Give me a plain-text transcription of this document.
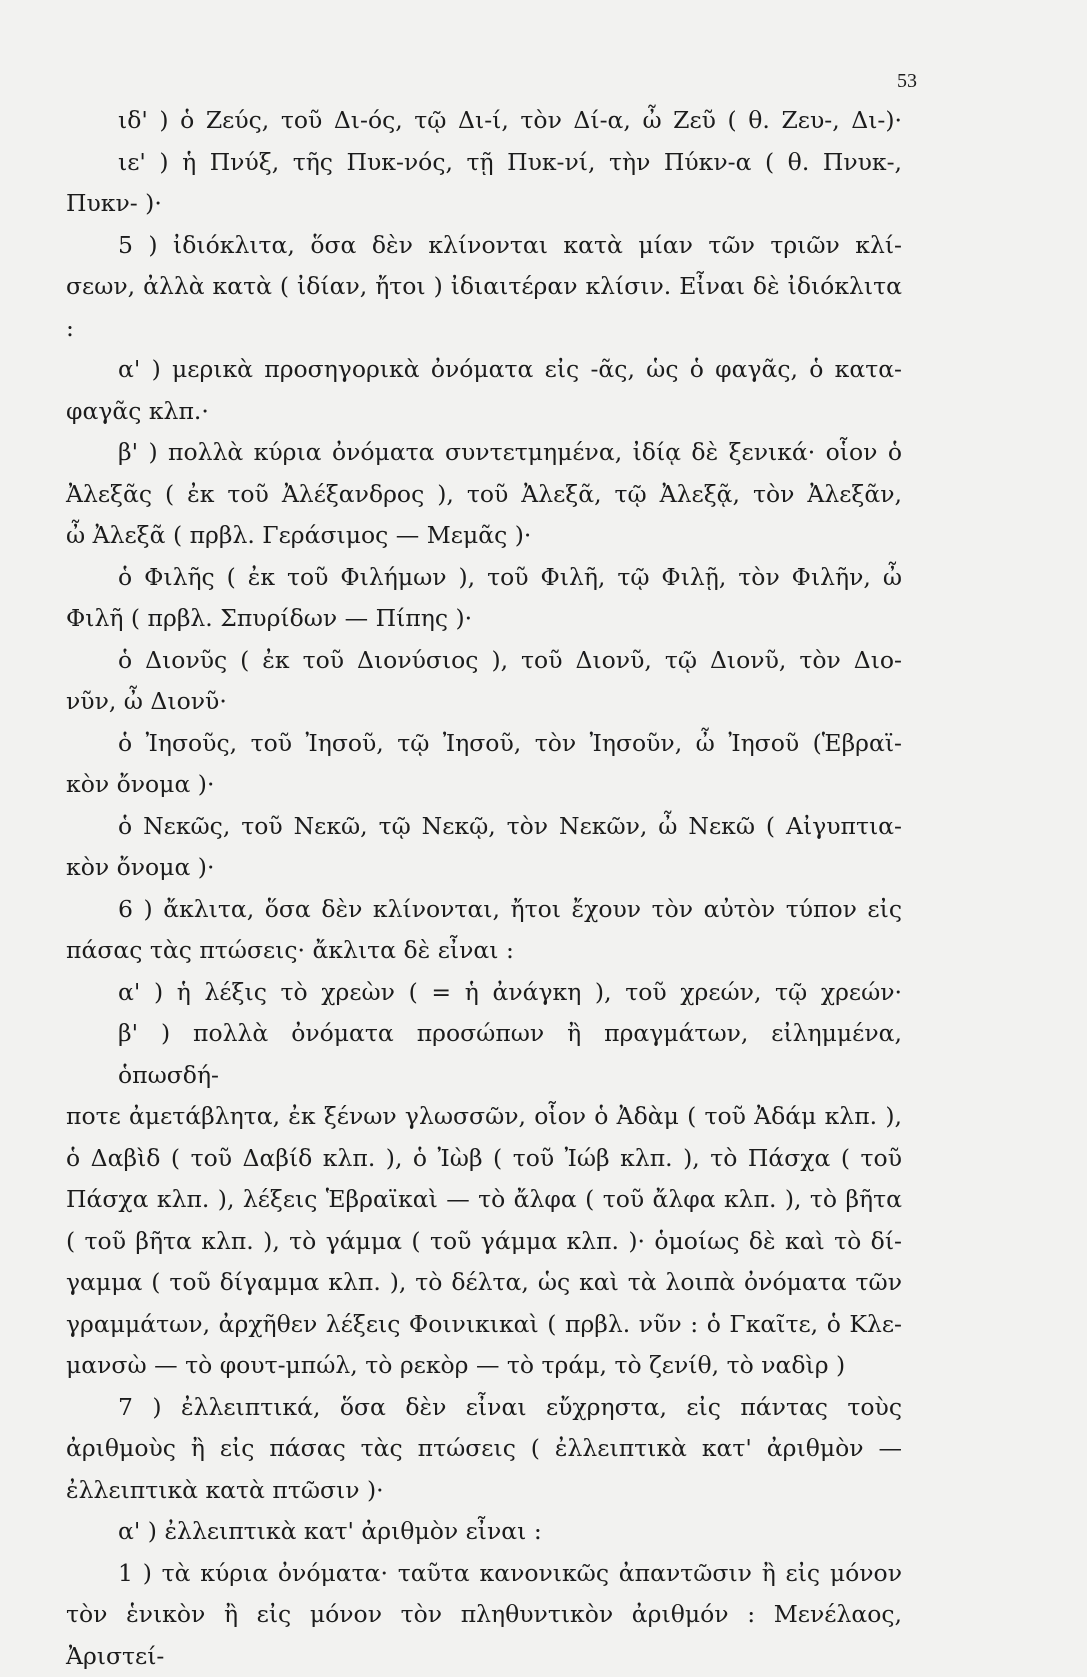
53
ιδ' ) ὁ Ζεύς, τοῦ Δι-ός, τῷ Δι-ί, τὸν Δί-α, ὦ Ζεῦ ( θ. Ζευ-, Δι-)·
ιε' ) ἡ Πνύξ, τῆς Πυκ-νός, τῇ Πυκ-νί, τὴν Πύκν-α ( θ. Πνυκ-,
Πυκν- )·
5 ) ἰδιόκλιτα, ὅσα δὲν κλίνονται κατὰ μίαν τῶν τριῶν κλί-
σεων, ἀλλὰ κατὰ ( ἰδίαν, ἤτοι ) ἰδιαιτέραν κλίσιν. Εἶναι δὲ ἰδιόκλιτα :
α' ) μερικὰ προσηγορικὰ ὀνόματα εἰς -ᾶς, ὡς ὁ φαγᾶς, ὁ κατα-
φαγᾶς κλπ.·
β' ) πολλὰ κύρια ὀνόματα συντετμημένα, ἰδίᾳ δὲ ξενικά· οἷον ὁ
Ἀλεξᾶς ( ἐκ τοῦ Ἀλέξανδρος ), τοῦ Ἀλεξᾶ, τῷ Ἀλεξᾷ, τὸν Ἀλεξᾶν,
ὦ Ἀλεξᾶ ( πρβλ. Γεράσιμος — Μεμᾶς )·
ὁ Φιλῆς ( ἐκ τοῦ Φιλήμων ), τοῦ Φιλῆ, τῷ Φιλῇ, τὸν Φιλῆν, ὦ
Φιλῆ ( πρβλ. Σπυρίδων — Πίπης )·
ὁ Διονῦς ( ἐκ τοῦ Διονύσιος ), τοῦ Διονῦ, τῷ Διονῦ, τὸν Διο-
νῦν, ὦ Διονῦ·
ὁ Ἰησοῦς, τοῦ Ἰησοῦ, τῷ Ἰησοῦ, τὸν Ἰησοῦν, ὦ Ἰησοῦ (Ἑβραϊ-
κὸν ὄνομα )·
ὁ Νεκῶς, τοῦ Νεκῶ, τῷ Νεκῷ, τὸν Νεκῶν, ὦ Νεκῶ ( Αἰγυπτια-
κὸν ὄνομα )·
6 ) ἄκλιτα, ὅσα δὲν κλίνονται, ἤτοι ἔχουν τὸν αὐτὸν τύπον εἰς
πάσας τὰς πτώσεις· ἄκλιτα δὲ εἶναι :
α' ) ἡ λέξις τὸ χρεὼν ( = ἡ ἀνάγκη ), τοῦ χρεών, τῷ χρεών·
β' ) πολλὰ ὀνόματα προσώπων ἢ πραγμάτων, εἰλημμένα, ὁπωσδή-
ποτε ἀμετάβλητα, ἐκ ξένων γλωσσῶν, οἷον ὁ Ἀδὰμ ( τοῦ Ἀδάμ κλπ. ),
ὁ Δαβὶδ ( τοῦ Δαβίδ κλπ. ), ὁ Ἰὼβ ( τοῦ Ἰώβ κλπ. ), τὸ Πάσχα ( τοῦ
Πάσχα κλπ. ), λέξεις Ἑβραϊκαὶ — τὸ ἄλφα ( τοῦ ἄλφα κλπ. ), τὸ βῆτα
( τοῦ βῆτα κλπ. ), τὸ γάμμα ( τοῦ γάμμα κλπ. )· ὁμοίως δὲ καὶ τὸ δί-
γαμμα ( τοῦ δίγαμμα κλπ. ), τὸ δέλτα, ὡς καὶ τὰ λοιπὰ ὀνόματα τῶν
γραμμάτων, ἀρχῆθεν λέξεις Φοινικικαὶ ( πρβλ. νῦν : ὁ Γκαῖτε, ὁ Κλε-
μανσὼ — τὸ φουτ-μπώλ, τὸ ρεκὸρ — τὸ τράμ, τὸ ζενίθ, τὸ ναδὶρ )
7 ) ἐλλειπτικά, ὅσα δὲν εἶναι εὔχρηστα, εἰς πάντας τοὺς
ἀριθμοὺς ἢ εἰς πάσας τὰς πτώσεις ( ἐλλειπτικὰ κατ' ἀριθμὸν —
ἐλλειπτικὰ κατὰ πτῶσιν )·
α' ) ἐλλειπτικὰ κατ' ἀριθμὸν εἶναι :
1 ) τὰ κύρια ὀνόματα· ταῦτα κανονικῶς ἀπαντῶσιν ἢ εἰς μόνον
τὸν ἑνικὸν ἢ εἰς μόνον τὸν πληθυντικὸν ἀριθμόν : Μενέλαος, Ἀριστεί-
